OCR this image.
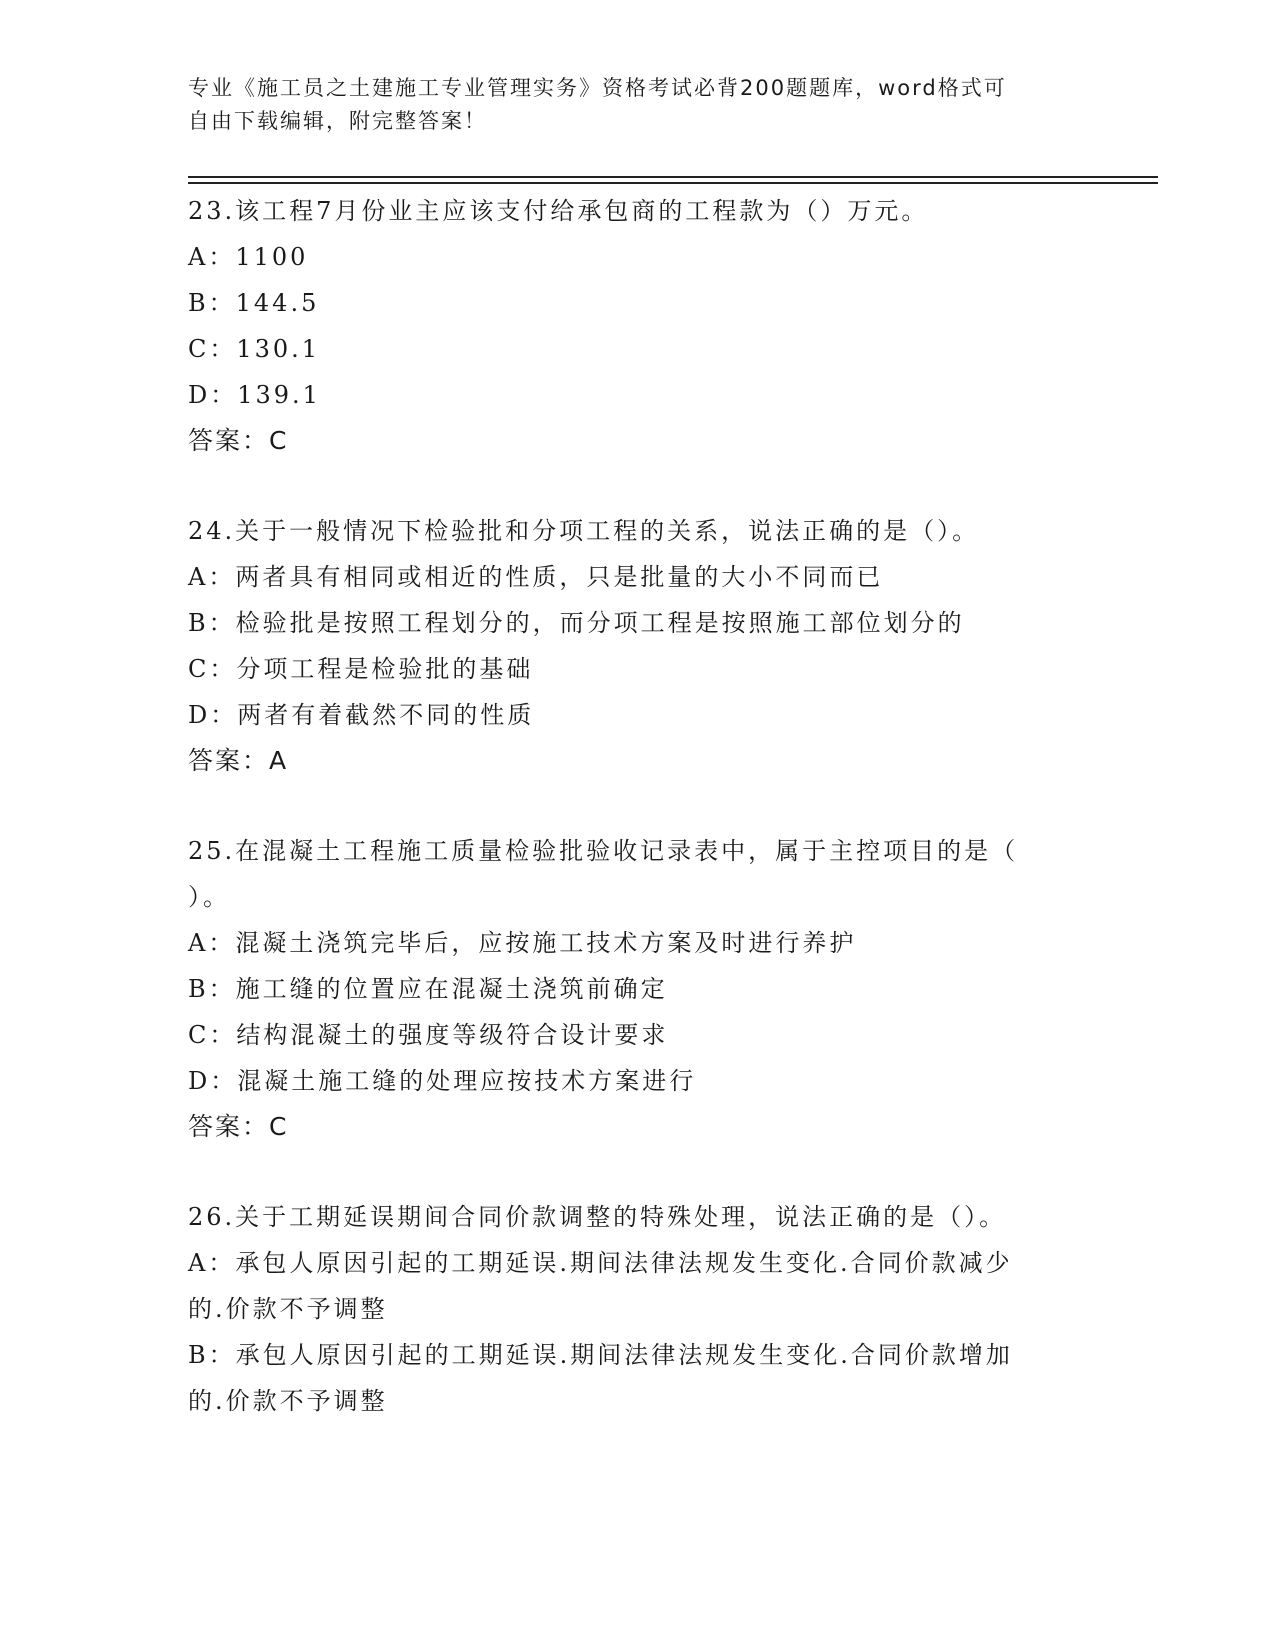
专业《施工员之土建施工专业管理实务》资格考试必背200题题库，word格式可
自由下载编辑，附完整答案！
23.该工程7月份业主应该支付给承包商的工程款为（）万元。
A：1100
B：144.5
C：130.1
D：139.1
答案：C
24.关于一般情况下检验批和分项工程的关系，说法正确的是（）。
A：两者具有相同或相近的性质，只是批量的大小不同而已
B：检验批是按照工程划分的，而分项工程是按照施工部位划分的
C：分项工程是检验批的基础
D：两者有着截然不同的性质
答案：A
25.在混凝土工程施工质量检验批验收记录表中，属于主控项目的是（
）。
A：混凝土浇筑完毕后，应按施工技术方案及时进行养护
B：施工缝的位置应在混凝土浇筑前确定
C：结构混凝土的强度等级符合设计要求
D：混凝土施工缝的处理应按技术方案进行
答案：C
26.关于工期延误期间合同价款调整的特殊处理，说法正确的是（）。
A：承包人原因引起的工期延误.期间法律法规发生变化.合同价款减少
的.价款不予调整
B：承包人原因引起的工期延误.期间法律法规发生变化.合同价款增加
的.价款不予调整
